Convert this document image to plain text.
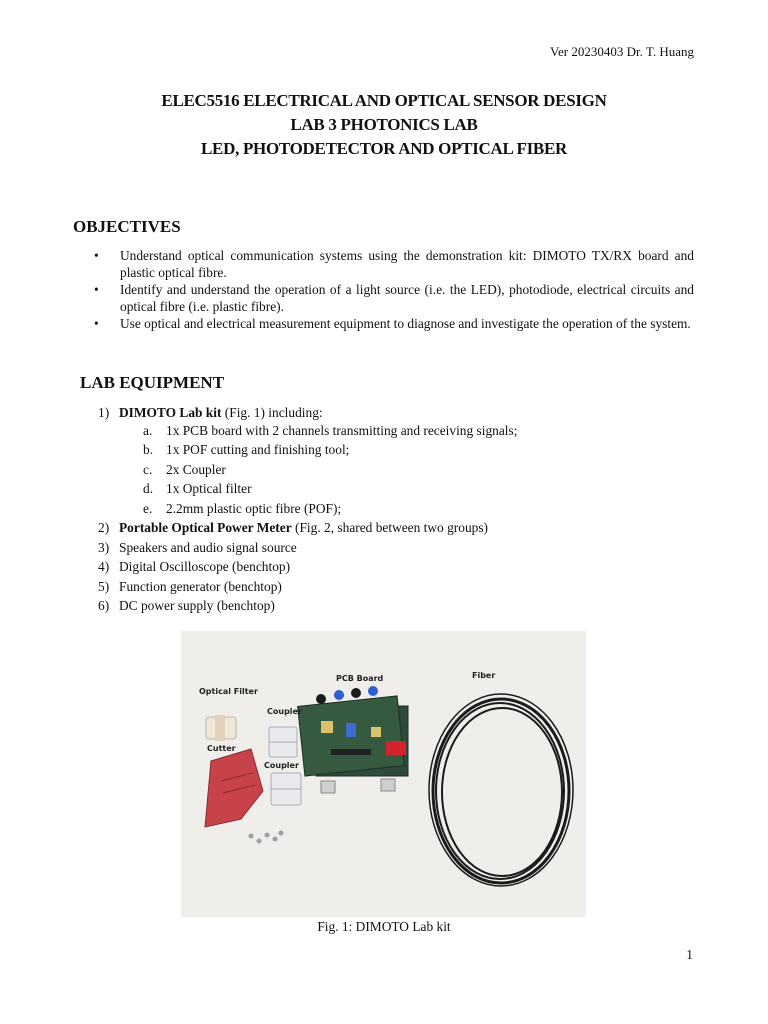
Ver 20230403 Dr. T. Huang
ELEC5516 ELECTRICAL AND OPTICAL SENSOR DESIGN
LAB 3 PHOTONICS LAB
LED, PHOTODETECTOR AND OPTICAL FIBER
OBJECTIVES
• Understand optical communication systems using the demonstration kit: DIMOTO TX/RX board and plastic optical fibre.
• Identify and understand the operation of a light source (i.e. the LED), photodiode, electrical circuits and optical fibre (i.e. plastic fibre).
• Use optical and electrical measurement equipment to diagnose and investigate the operation of the system.
LAB EQUIPMENT
1) DIMOTO Lab kit (Fig. 1) including:
a. 1x PCB board with 2 channels transmitting and receiving signals;
b. 1x POF cutting and finishing tool;
c. 2x Coupler
d. 1x Optical filter
e. 2.2mm plastic optic fibre (POF);
2) Portable Optical Power Meter (Fig. 2, shared between two groups)
3) Speakers and audio signal source
4) Digital Oscilloscope (benchtop)
5) Function generator (benchtop)
6) DC power supply (benchtop)
Optical Filter
PCB Board	Fiber
Coupler
Cutter
Coupler
Fig. 1: DIMOTO Lab kit
1
